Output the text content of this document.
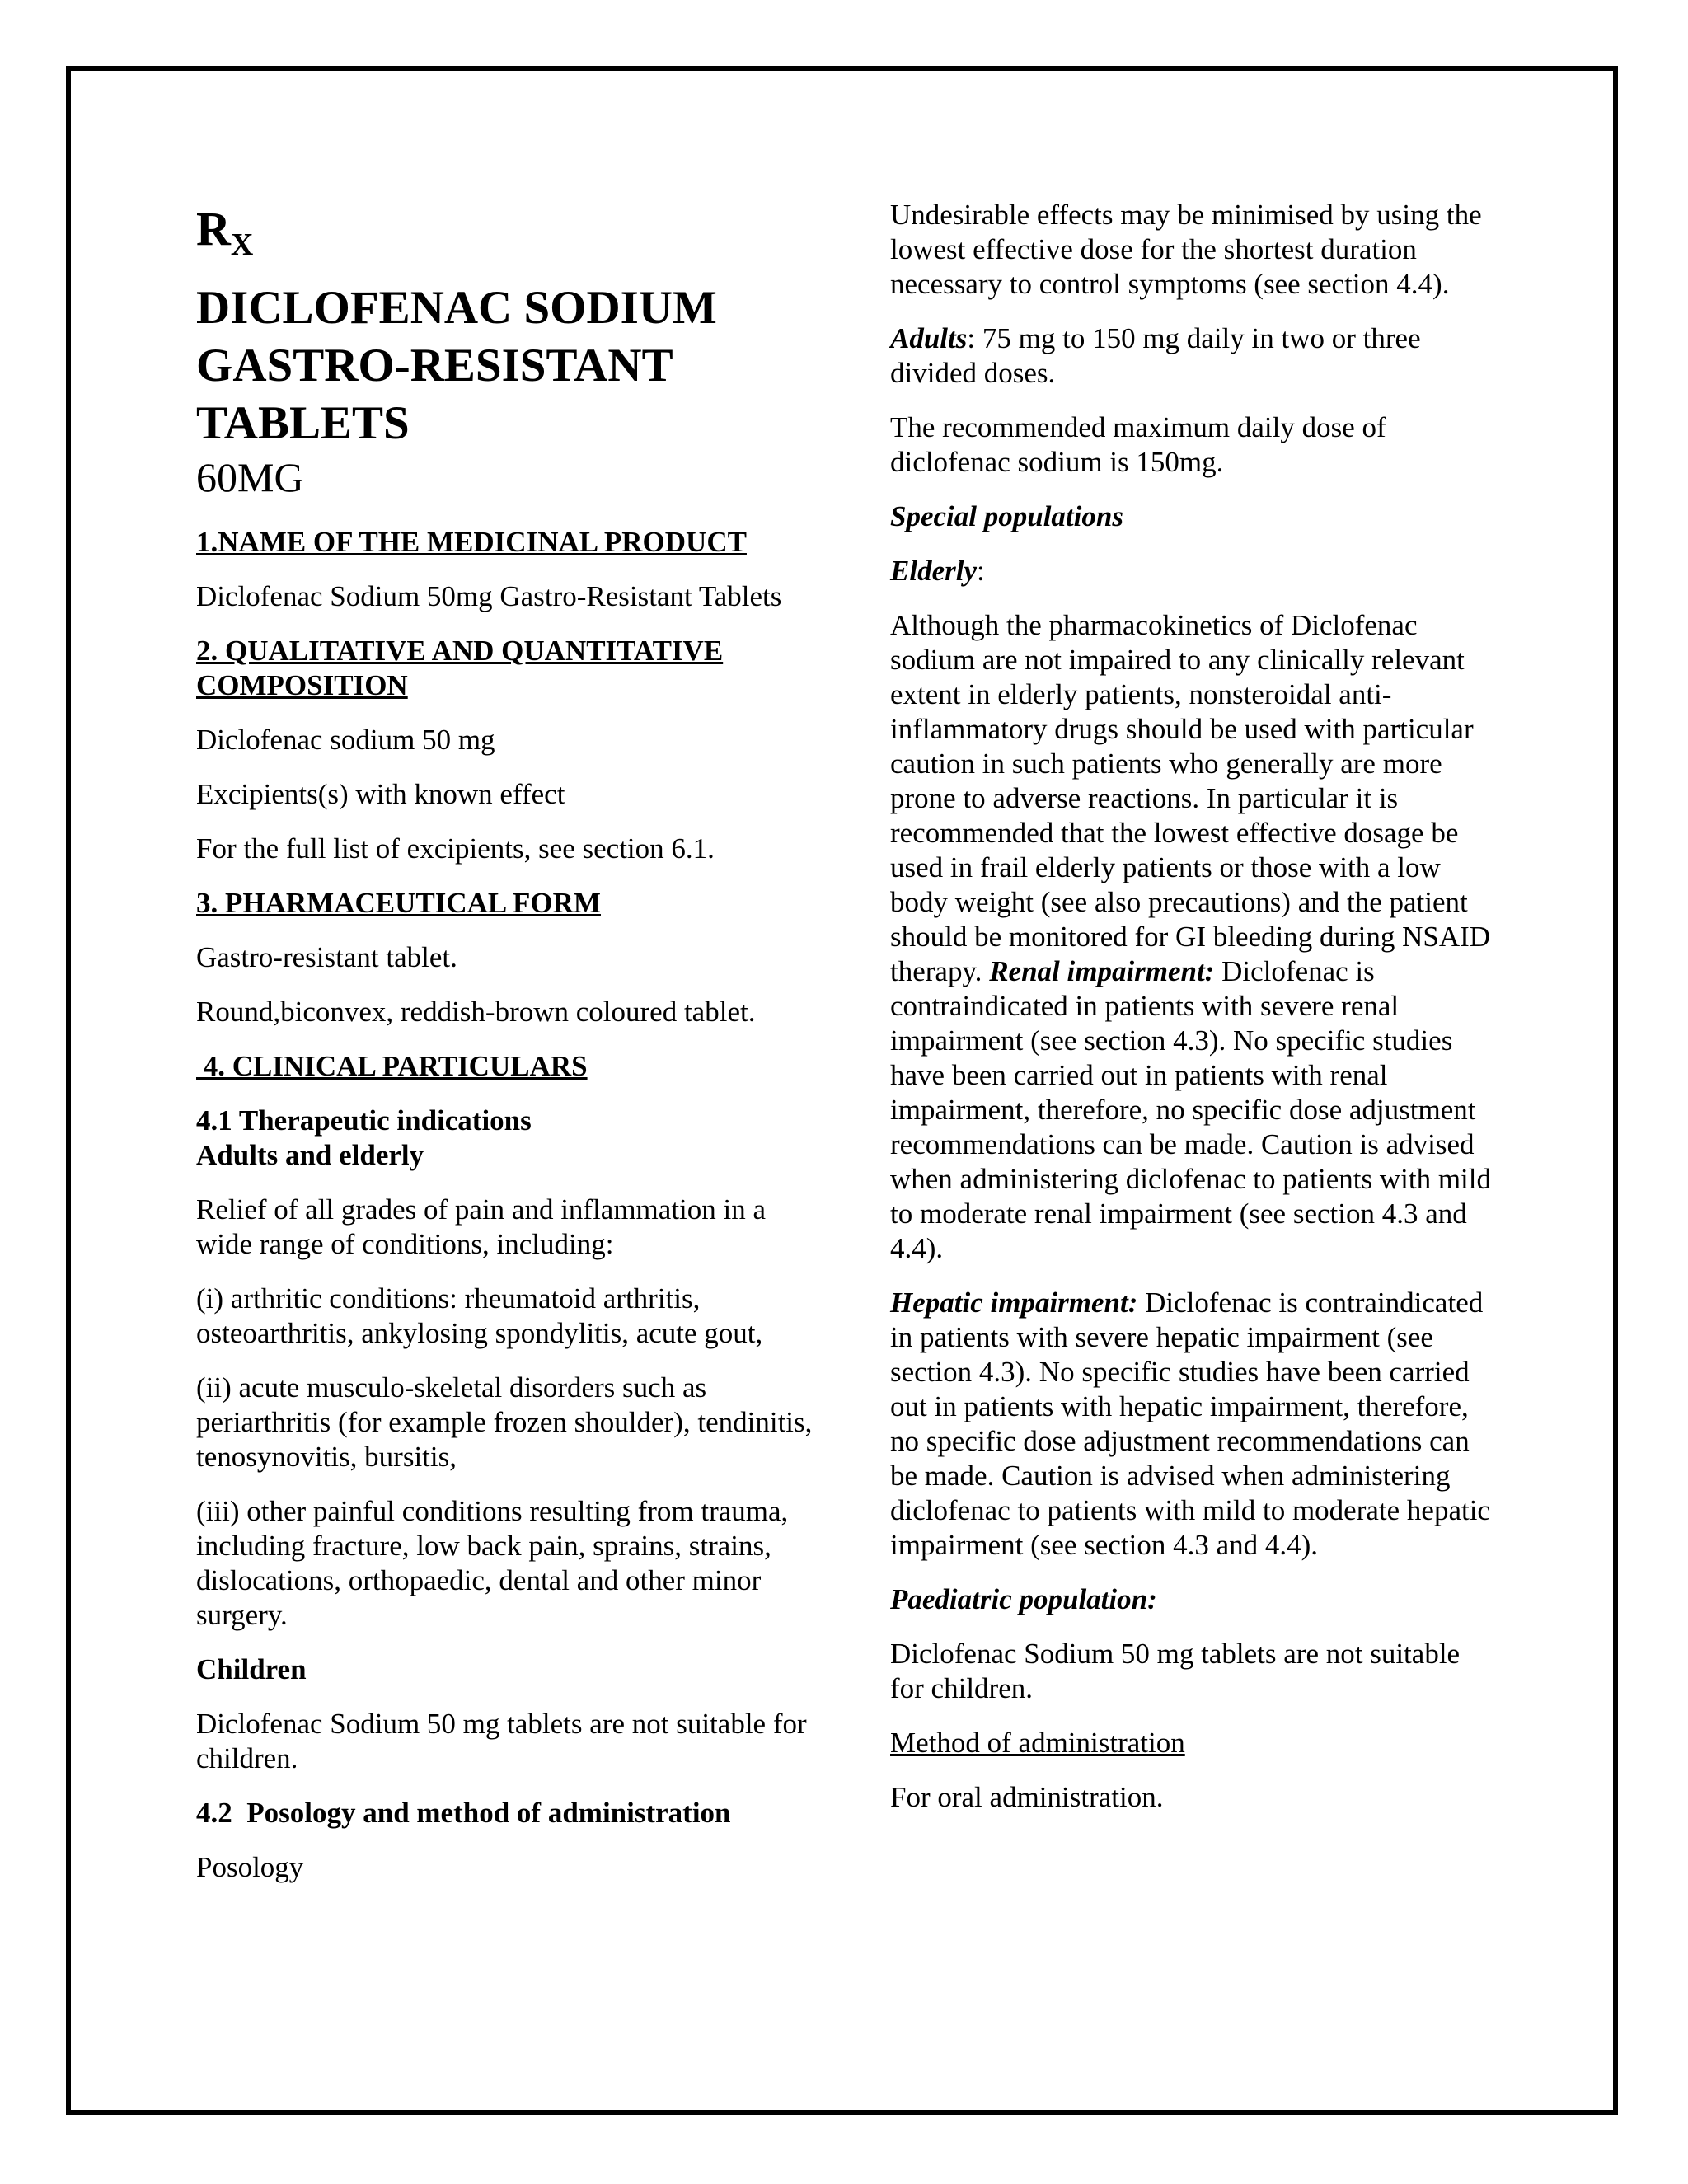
$R_X$

DICLOFENAC SODIUM
GASTRO-RESISTANT
TABLETS

60MG

1.NAME OF THE MEDICINAL PRODUCT

Diclofenac Sodium 50mg Gastro-Resistant Tablets

2. QUALITATIVE AND QUANTITATIVE COMPOSITION

Diclofenac sodium 50 mg

Excipients(s) with known effect

For the full list of excipients, see section 6.1.

3. PHARMACEUTICAL FORM

Gastro-resistant tablet.

Round,biconvex, reddish-brown coloured tablet.

4. CLINICAL PARTICULARS

4.1 Therapeutic indications

Adults and elderly

Relief of all grades of pain and inflammation in a wide range of conditions, including:

(i) arthritic conditions: rheumatoid arthritis, osteoarthritis, ankylosing spondylitis, acute gout,

(ii) acute musculo-skeletal disorders such as periarthritis (for example frozen shoulder), tendinitis, tenosynovitis, bursitis,

(iii) other painful conditions resulting from trauma, including fracture, low back pain, sprains, strains, dislocations, orthopaedic, dental and other minor surgery.

Children

Diclofenac Sodium 50 mg tablets are not suitable for children.

4.2  Posology and method of administration

Posology

Undesirable effects may be minimised by using the lowest effective dose for the shortest duration necessary to control symptoms (see section 4.4).

Adults: 75 mg to 150 mg daily in two or three divided doses.

The recommended maximum daily dose of diclofenac sodium is 150mg.

Special populations

Elderly:

Although the pharmacokinetics of Diclofenac sodium are not impaired to any clinically relevant extent in elderly patients, nonsteroidal anti-inflammatory drugs should be used with particular caution in such patients who generally are more prone to adverse reactions. In particular it is recommended that the lowest effective dosage be used in frail elderly patients or those with a low body weight (see also precautions) and the patient should be monitored for GI bleeding during NSAID therapy. Renal impairment: Diclofenac is contraindicated in patients with severe renal impairment (see section 4.3). No specific studies have been carried out in patients with renal impairment, therefore, no specific dose adjustment recommendations can be made. Caution is advised when administering diclofenac to patients with mild to moderate renal impairment (see section 4.3 and 4.4).

Hepatic impairment: Diclofenac is contraindicated in patients with severe hepatic impairment (see section 4.3). No specific studies have been carried out in patients with hepatic impairment, therefore, no specific dose adjustment recommendations can be made. Caution is advised when administering diclofenac to patients with mild to moderate hepatic impairment (see section 4.3 and 4.4).

Paediatric population:

Diclofenac Sodium 50 mg tablets are not suitable for children.

Method of administration

For oral administration.
